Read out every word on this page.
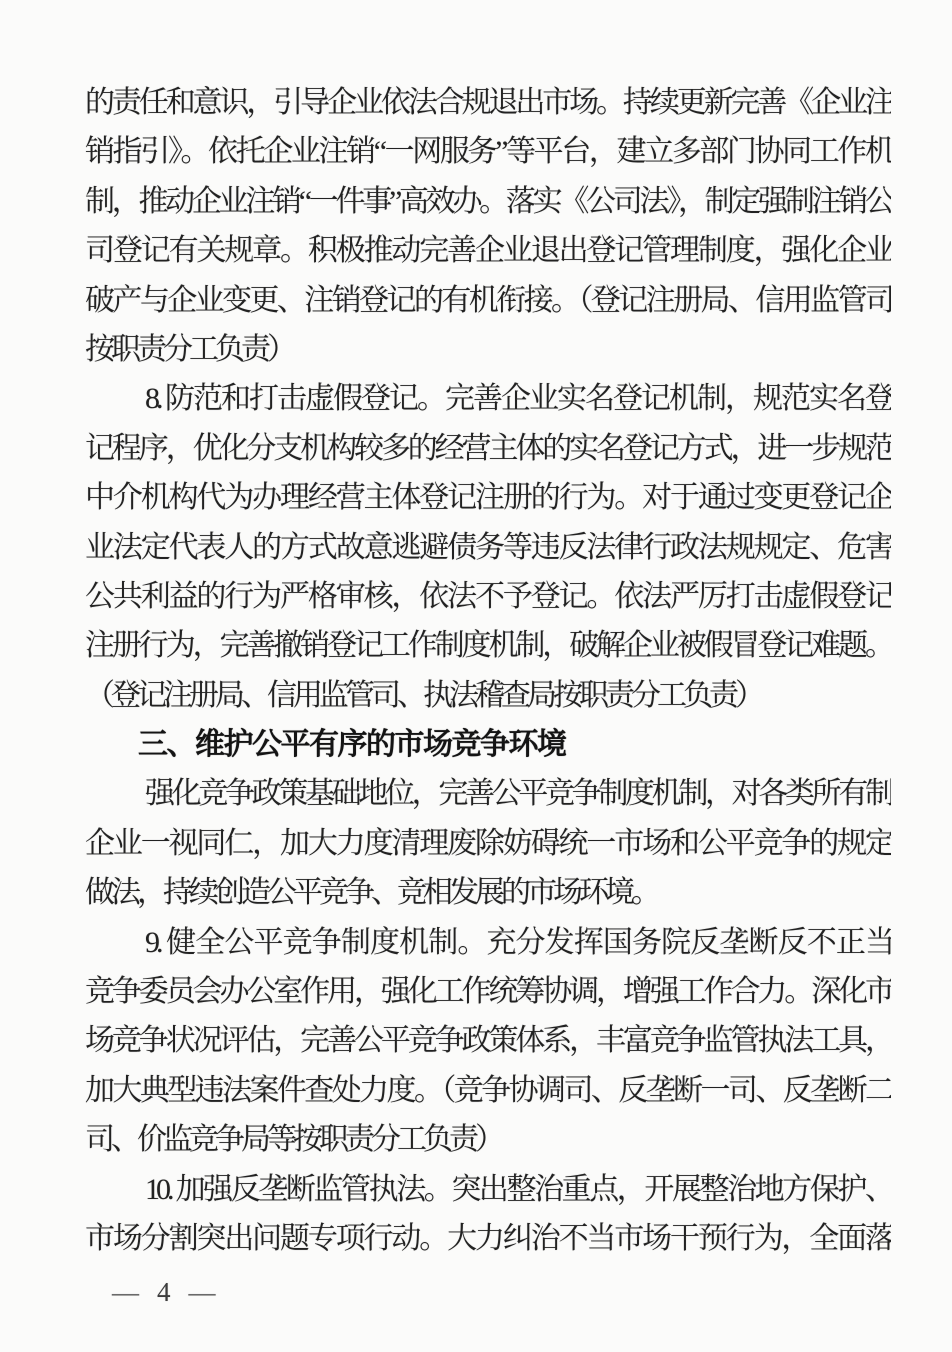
的责任和意识，引导企业依法合规退出市场。持续更新完善《企业注
销指引》。依托企业注销“一网服务”等平台，建立多部门协同工作机
制，推动企业注销“一件事”高效办。落实《公司法》，制定强制注销公
司登记有关规章。积极推动完善企业退出登记管理制度，强化企业
破产与企业变更、注销登记的有机衔接。（登记注册局、信用监管司
按职责分工负责）
8. 防范和打击虚假登记。完善企业实名登记机制，规范实名登
记程序，优化分支机构较多的经营主体的实名登记方式，进一步规范
中介机构代为办理经营主体登记注册的行为。对于通过变更登记企
业法定代表人的方式故意逃避债务等违反法律行政法规规定、危害
公共利益的行为严格审核，依法不予登记。依法严厉打击虚假登记
注册行为，完善撤销登记工作制度机制，破解企业被假冒登记难题。
（登记注册局、信用监管司、执法稽查局按职责分工负责）
三、维护公平有序的市场竞争环境
强化竞争政策基础地位，完善公平竞争制度机制，对各类所有制
企业一视同仁，加大力度清理废除妨碍统一市场和公平竞争的规定
做法，持续创造公平竞争、竞相发展的市场环境。
9. 健全公平竞争制度机制。充分发挥国务院反垄断反不正当
竞争委员会办公室作用，强化工作统筹协调，增强工作合力。深化市
场竞争状况评估，完善公平竞争政策体系，丰富竞争监管执法工具，
加大典型违法案件查处力度。（竞争协调司、反垄断一司、反垄断二
司、价监竞争局等按职责分工负责）
10. 加强反垄断监管执法。突出整治重点，开展整治地方保护、
市场分割突出问题专项行动。大力纠治不当市场干预行为，全面落
— 4 —
